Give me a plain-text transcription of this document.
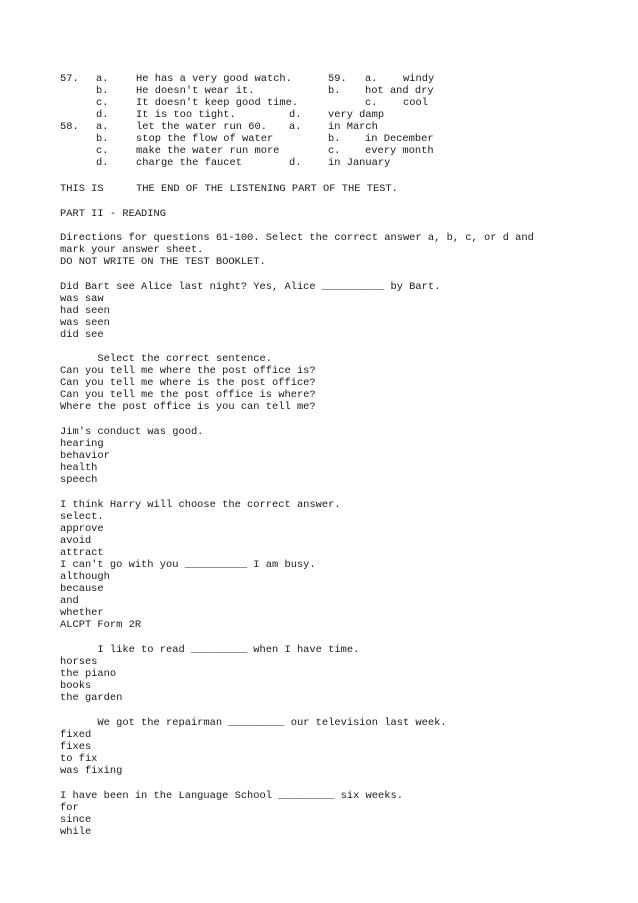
57. a.	He has a very good watch.	59. a. windy
b.	He doesn't wear it.	b. hot and dry
c.	It doesn't keep good time.	c. cool
d.	It is too tight.	d.	very damp
58. a.	let the water run 60. a.	in March
b.	stop the flow of water	b. in December
c.	make the water run more	c. every month
d.	charge the faucet	d.	in January
THIS IS	THE END OF THE LISTENING PART OF THE TEST.
PART II - READING
Directions for questions 61-100. Select the correct answer a, b, c, or d and
mark your answer sheet.
DO NOT WRITE ON THE TEST BOOKLET.
Did Bart see Alice last night? Yes, Alice __________ by Bart.
was saw
had seen
was seen
did see
Select the correct sentence.
Can you tell me where the post office is?
Can you tell me where is the post office?
Can you tell me the post office is where?
Where the post office is you can tell me?
Jim's conduct was good.
hearing
behavior
health
speech
I think Harry will choose the correct answer.
select.
approve
avoid
attract
I can't go with you __________ I am busy.
although
because
and
whether
ALCPT Form 2R
I like to read _________ when I have time.
horses
the piano
books
the garden
We got the repairman _________ our television last week.
fixed
fixes
to fix
was fixing
I have been in the Language School _________ six weeks.
for
since
while
